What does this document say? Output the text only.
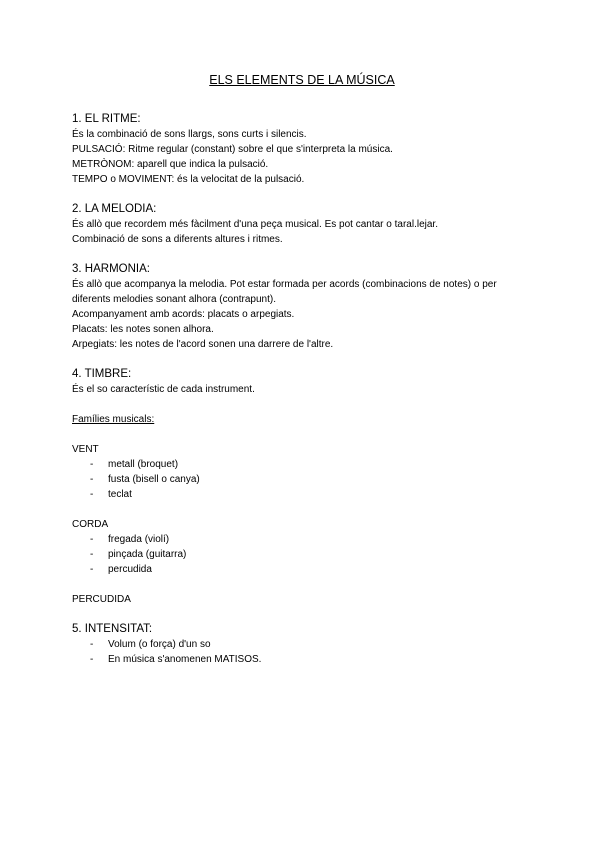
ELS ELEMENTS DE LA MÚSICA
1. EL RITME:
És la combinació de sons llargs, sons curts i silencis.
PULSACIÓ: Ritme regular (constant) sobre el que s'interpreta la música.
METRÒNOM: aparell que indica la pulsació.
TEMPO o MOVIMENT: és la velocitat de la pulsació.
2. LA MELODIA:
És allò que recordem més fàcilment d'una peça musical. Es pot cantar o taral.lejar.
Combinació de sons a diferents altures i ritmes.
3. HARMONIA:
És allò que acompanya la melodia. Pot estar formada per acords (combinacions de notes) o per diferents melodies sonant alhora (contrapunt).
Acompanyament amb acords: placats o arpegiats.
Placats: les notes sonen alhora.
Arpegiats: les notes de l'acord sonen una darrere de l'altre.
4. TIMBRE:
És el so característic de cada instrument.
Famílies musicals:
VENT
- metall (broquet)
- fusta (bisell o canya)
- teclat
CORDA
- fregada (violí)
- pinçada (guitarra)
- percudida
PERCUDIDA
5. INTENSITAT:
- Volum (o força) d'un so
- En música s'anomenen MATISOS.
